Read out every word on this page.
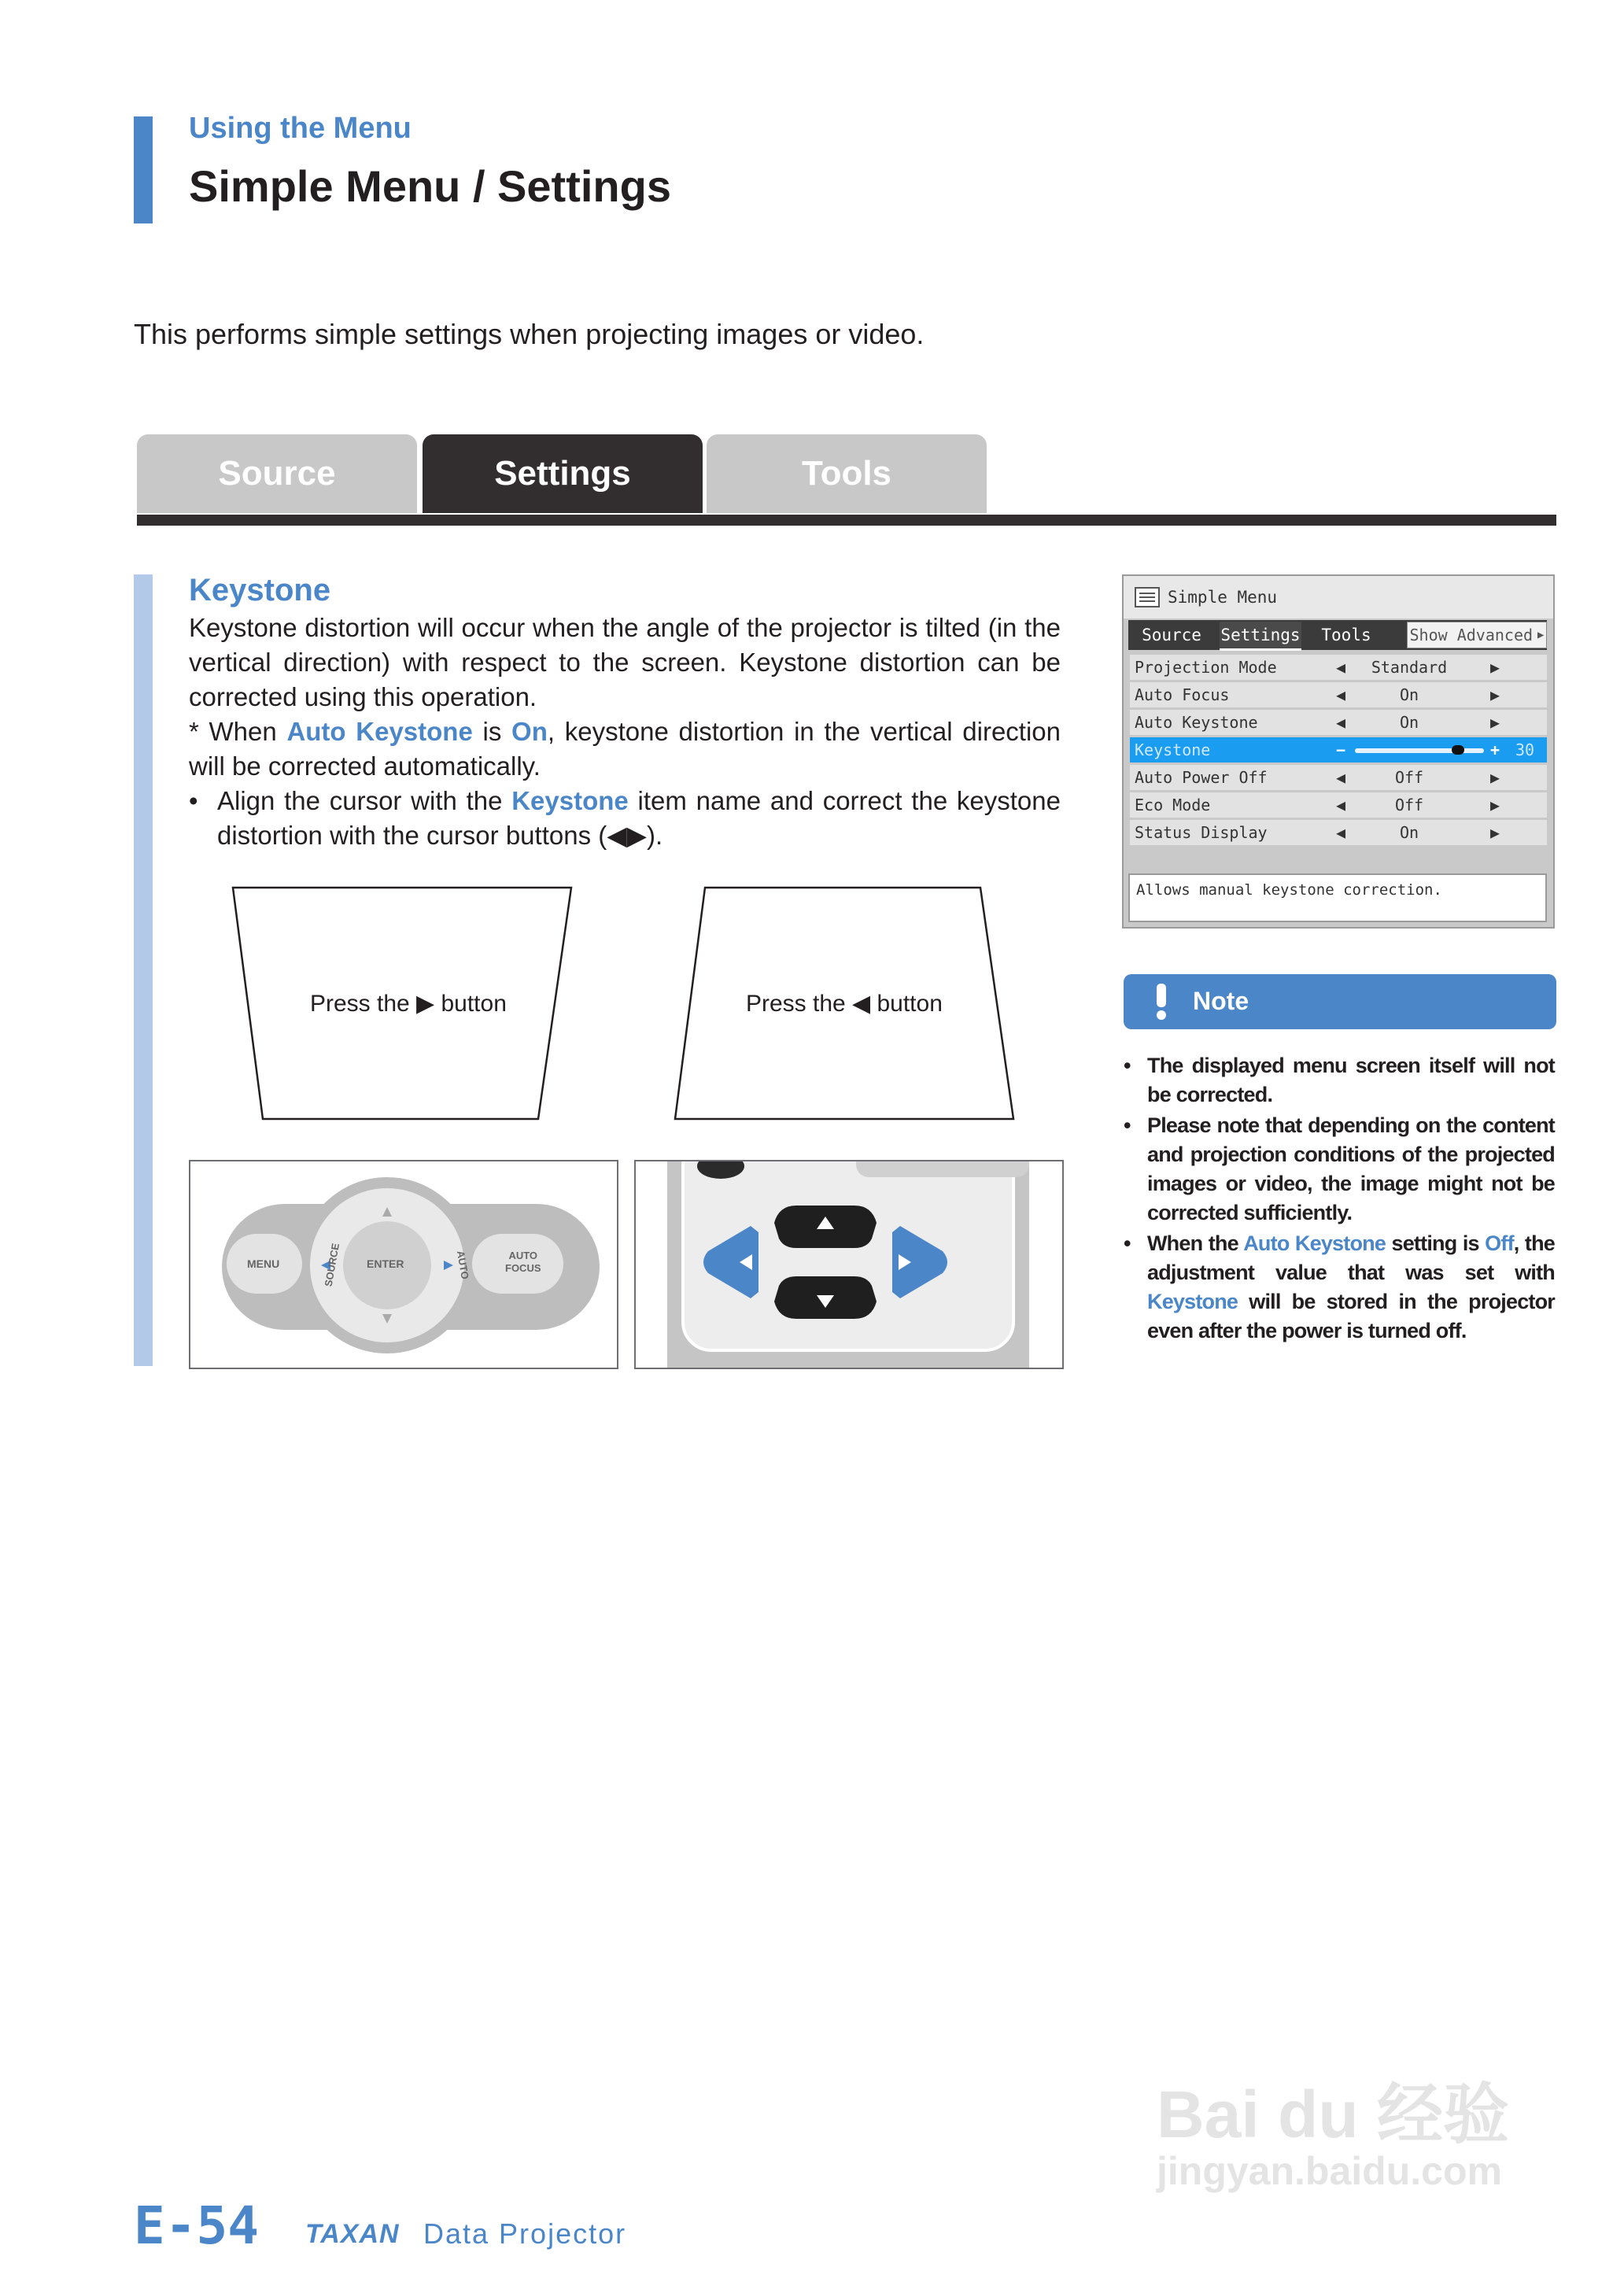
Using the Menu
Simple Menu / Settings
This performs simple settings when projecting images or video.
Source	Settings	Tools
Keystone
Keystone distortion will occur when the angle of the projector is tilted (in the vertical direction) with respect to the screen. Keystone distortion can be corrected using this operation.
* When Auto Keystone is On, keystone distortion in the vertical direction will be corrected automatically.
• Align the cursor with the Keystone item name and correct the keystone distortion with the cursor buttons (◀▶).
Press the ▶ button	Press the ◀ button
MENU	ENTER
SOURCE	AUTO	AUTO
FOCUS
Simple Menu
Source	Settings	Tools	Show Advanced ▶
Projection Mode	◀	Standard	▶
Auto Focus	◀	On	▶
Auto Keystone	◀	On	▶
Keystone	−	+ 30
Auto Power Off	◀	Off	▶
Eco Mode	◀	Off	▶
Status Display	◀	On	▶
Allows manual keystone correction.
Note
• The displayed menu screen itself will not be corrected.
• Please note that depending on the content and projection conditions of the projected images or video, the image might not be corrected sufficiently.
• When the Auto Keystone setting is Off, the adjustment value that was set with Keystone will be stored in the projector even after the power is turned off.
Bai du 经验
jingyan.baidu.com
E-54 TAXAN Data Projector
